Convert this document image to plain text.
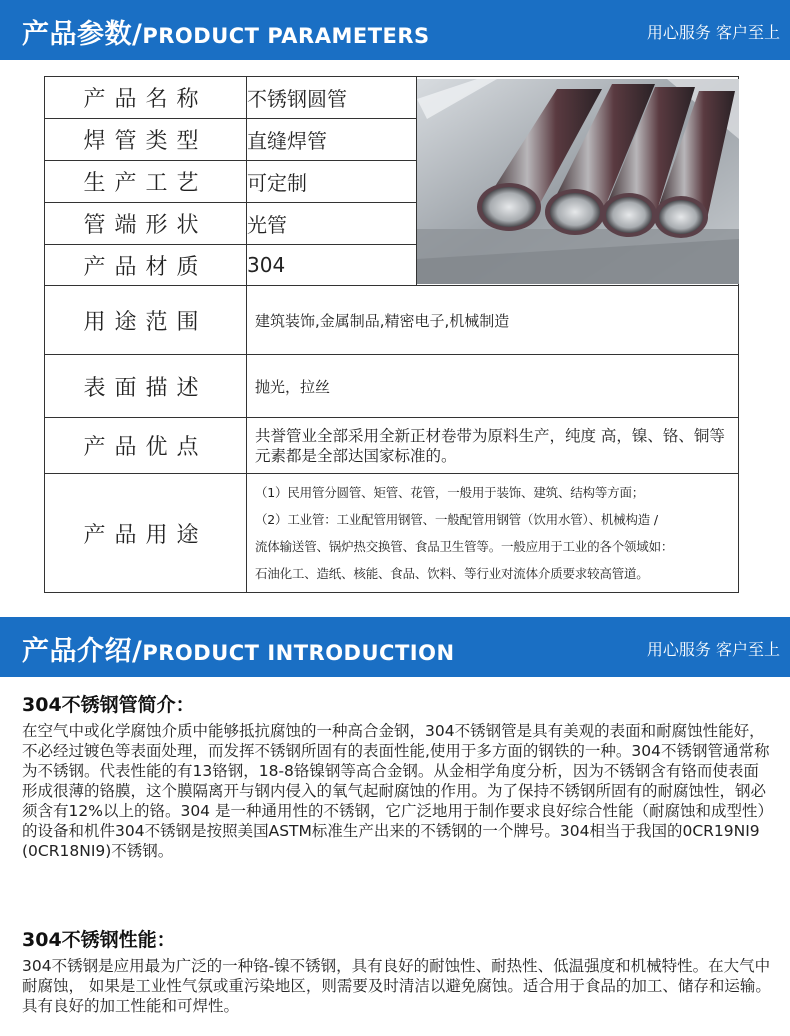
产品参数/PRODUCT PARAMETERS	用心服务 客户至上
产品名称	不锈钢圆管	

焊管类型	直缝焊管	
生产工艺	可定制	
管端形状	光管	
产品材质	304	
用途范围	建筑装饰,金属制品,精密电子,机械制造	
表面描述	抛光，拉丝	
产品优点	共誉管业全部采用全新正材卷带为原料生产，纯度 高，镍、铬、铜等元素都是全部达国家标准的。	
产品用途	（1）民用管分圆管、矩管、花管，一般用于装饰、建筑、结构等方面；
（2）工业管：工业配管用钢管、一般配管用钢管（饮用水管）、机械构造 /
流体输送管、锅炉热交换管、食品卫生管等。一般应用于工业的各个领域如：
石油化工、造纸、核能、食品、饮料、等行业对流体介质要求较高管道。	
产品介绍/PRODUCT INTRODUCTION	用心服务 客户至上
304不锈钢管简介：

在空气中或化学腐蚀介质中能够抵抗腐蚀的一种高合金钢，304不锈钢管是具有美观的表面和耐腐蚀性能好，不必经过镀色等表面处理，而发挥不锈钢所固有的表面性能,使用于多方面的钢铁的一种。304不锈钢管通常称为不锈钢。代表性能的有13铬钢，18-8铬镍钢等高合金钢。从金相学角度分析，因为不锈钢含有铬而使表面形成很薄的铬膜，这个膜隔离开与钢内侵入的氧气起耐腐蚀的作用。为了保持不锈钢所固有的耐腐蚀性，钢必须含有12%以上的铬。304 是一种通用性的不锈钢，它广泛地用于制作要求良好综合性能（耐腐蚀和成型性）的设备和机件304不锈钢是按照美国ASTM标准生产出来的不锈钢的一个牌号。304相当于我国的0CR19NI9 (0CR18NI9)不锈钢。

304不锈钢性能：

304不锈钢是应用最为广泛的一种铬-镍不锈钢，具有良好的耐蚀性、耐热性、低温强度和机械特性。在大气中耐腐蚀， 如果是工业性气氛或重污染地区，则需要及时清洁以避免腐蚀。适合用于食品的加工、储存和运输。 具有良好的加工性能和可焊性。
